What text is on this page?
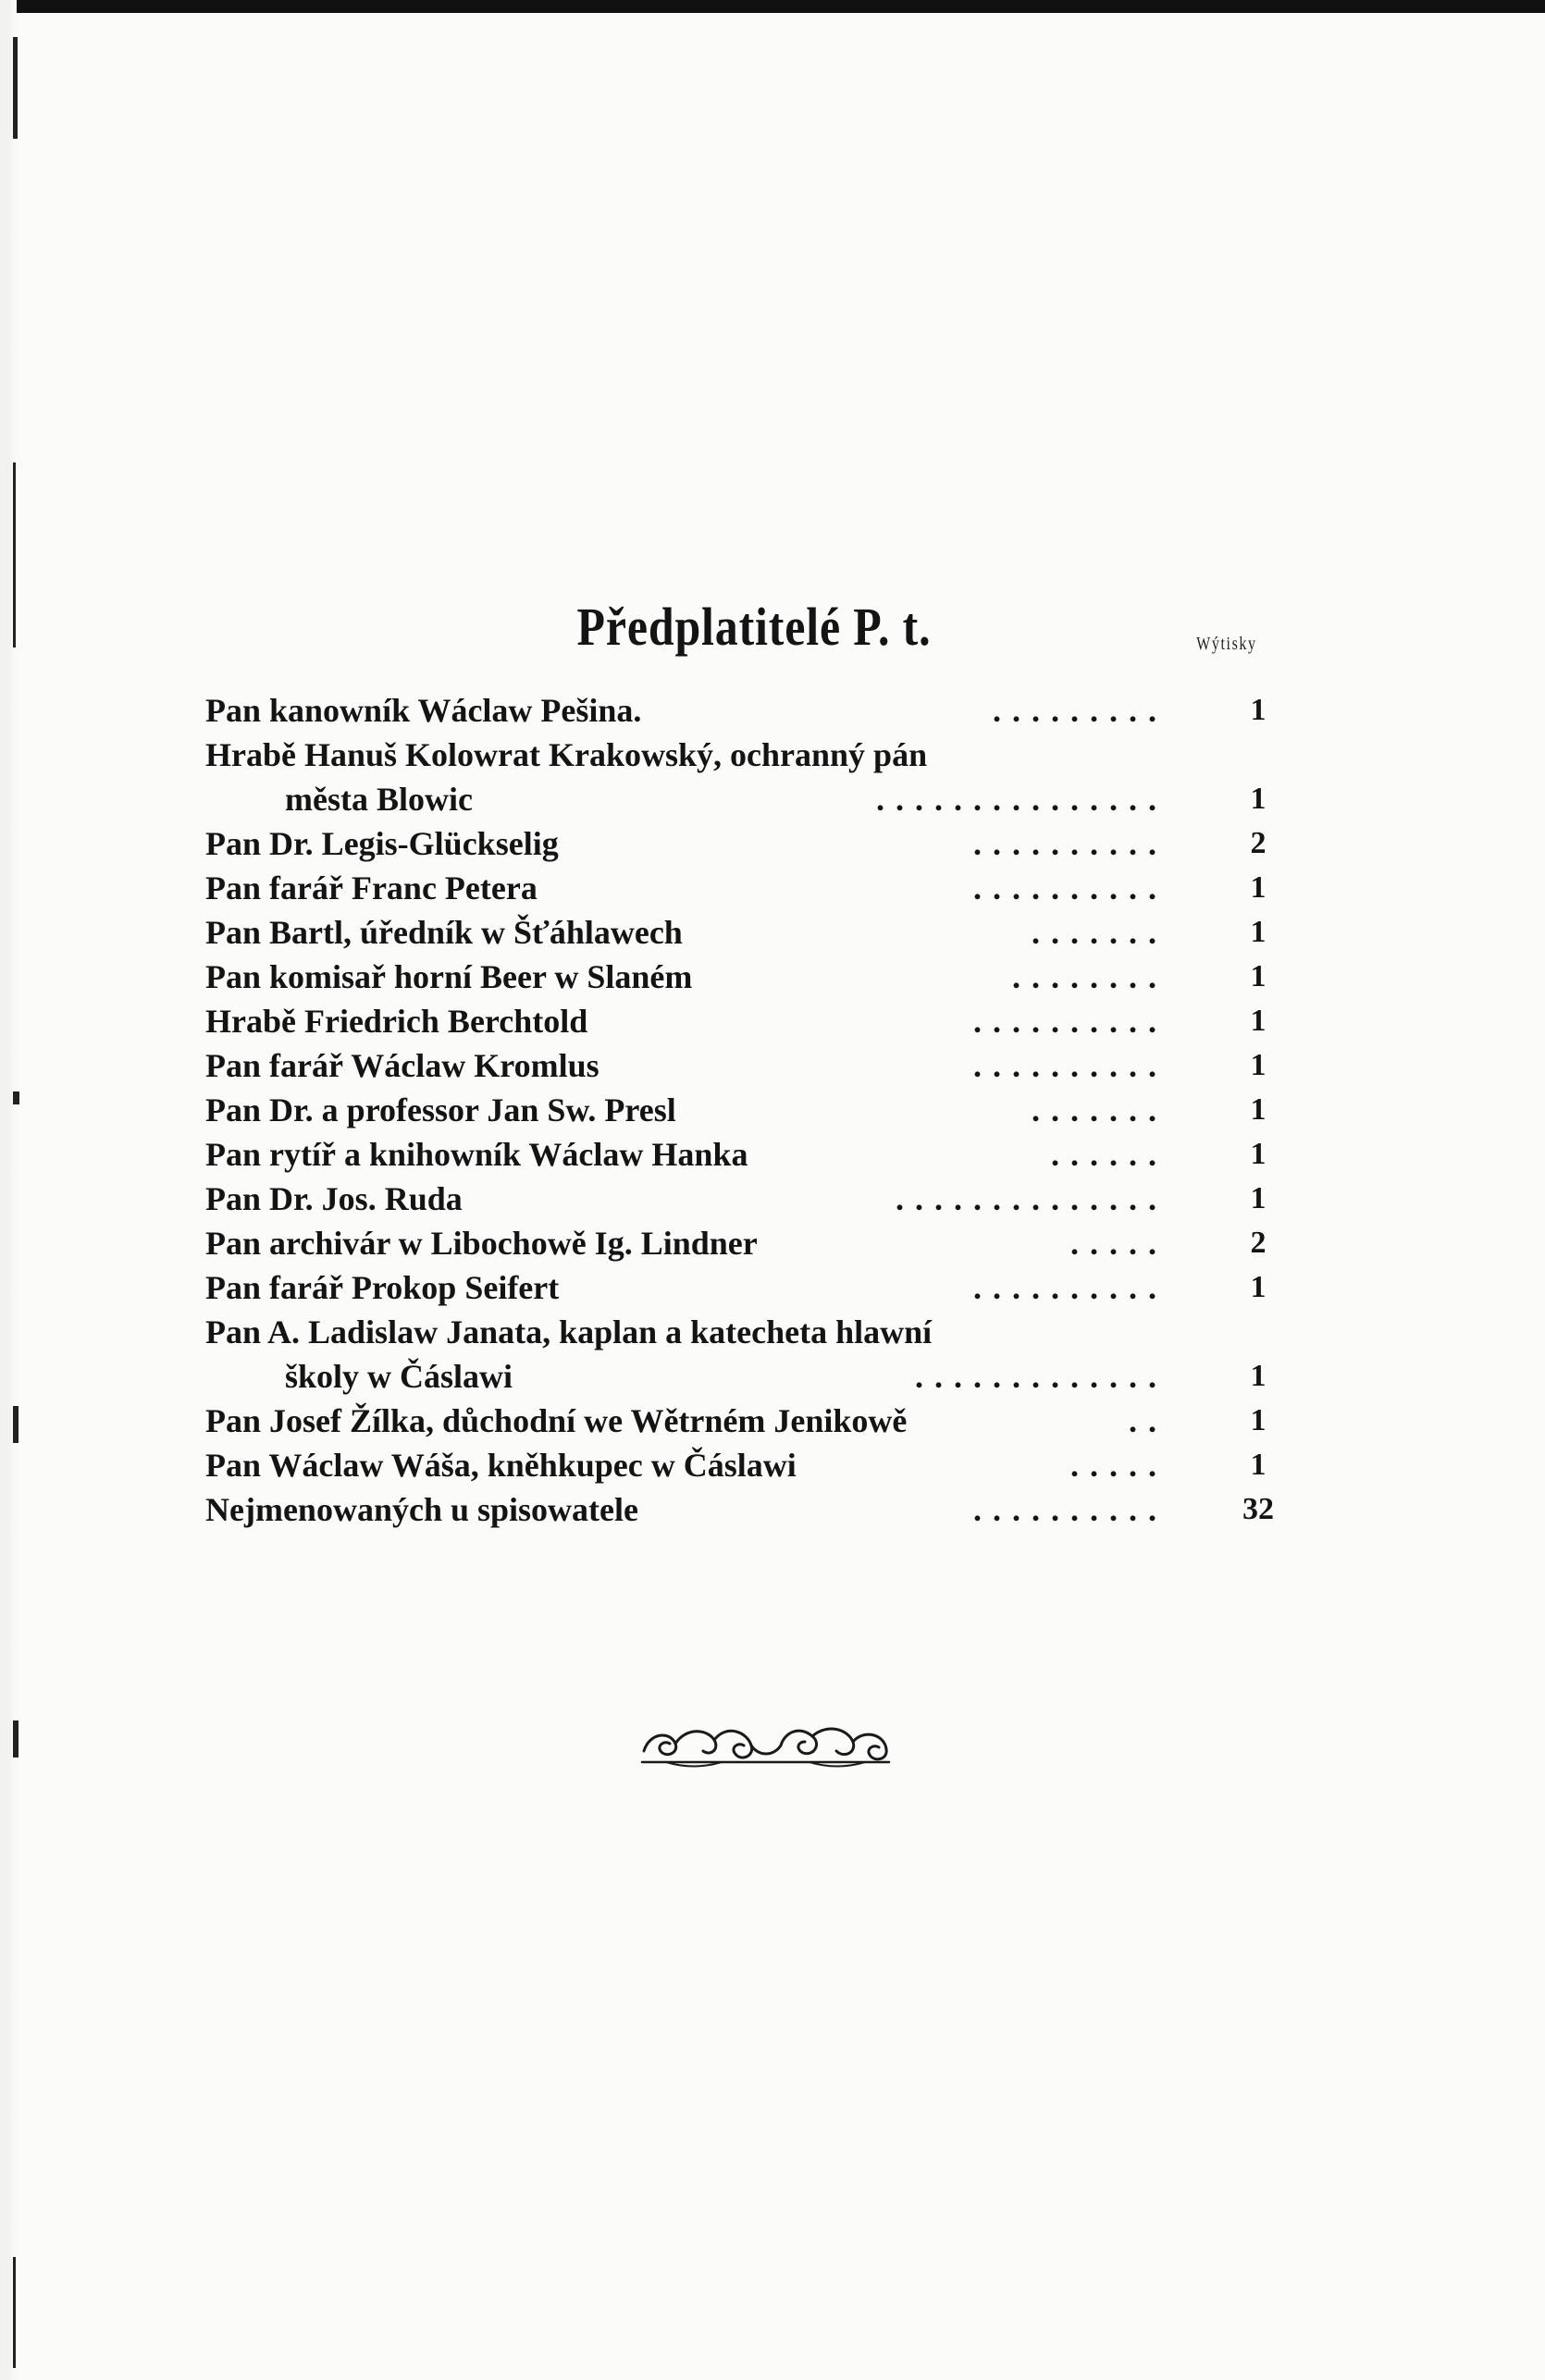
Předplatitelé P. t.	Wýtisky
Pan kanowník Wáclaw Pešina.	.........	1
Hrabě Hanuš Kolowrat Krakowský, ochranný pán
města Blowic	...............	1
Pan Dr. Legis-Glückselig	..........	2
Pan farář Franc Petera	..........	1
Pan Bartl, úředník w Šťáhlawech	.......	1
Pan komisař horní Beer w Slaném	........	1
Hrabě Friedrich Berchtold	..........	1
Pan farář Wáclaw Kromlus	..........	1
Pan Dr. a professor Jan Sw. Presl	.......	1
Pan rytíř a knihowník Wáclaw Hanka	......	1
Pan Dr. Jos. Ruda	..............	1
Pan archivár w Libochowě Ig. Lindner	.....	2
Pan farář Prokop Seifert	..........	1
Pan A. Ladislaw Janata, kaplan a katecheta hlawní
školy w Čáslawi	.............	1
Pan Josef Žílka, důchodní we Wětrném Jenikowě	..	1
Pan Wáclaw Wáša, kněhkupec w Čáslawi	.....	1
Nejmenowaných u spisowatele	.......... 32
